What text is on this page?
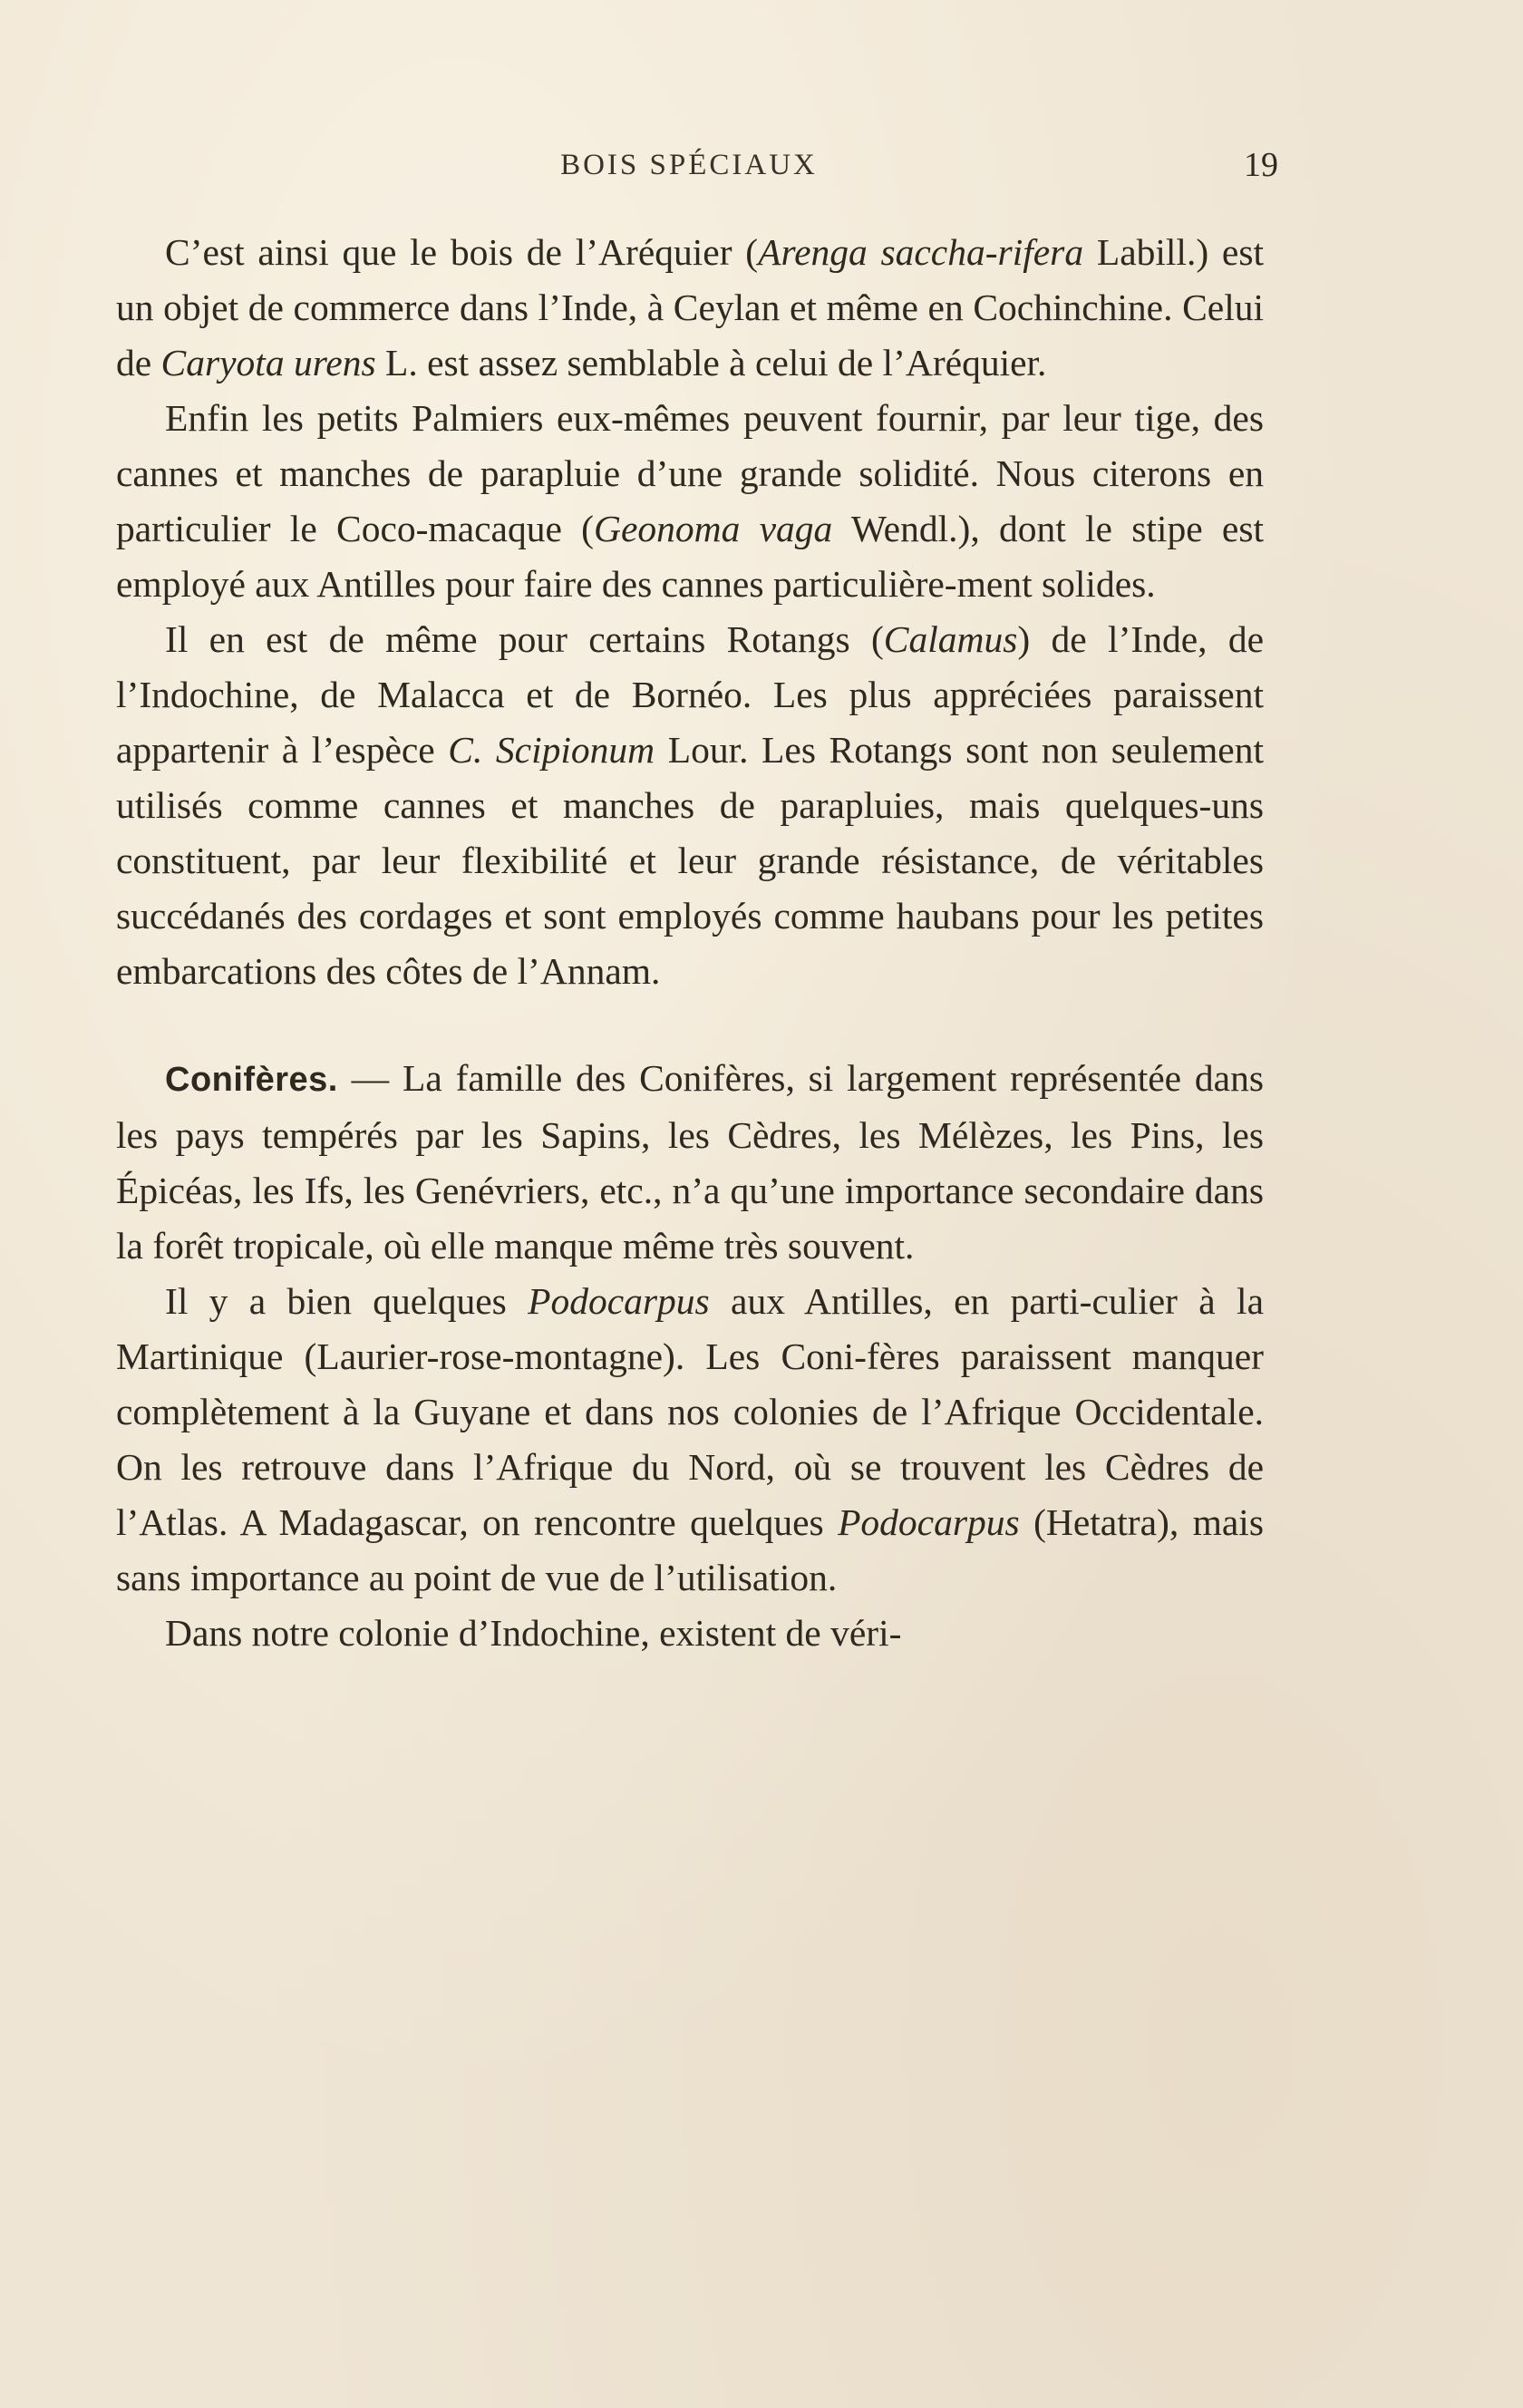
BOIS SPÉCIAUX	19

C’est ainsi que le bois de l’Aréquier (Arenga saccha-rifera Labill.) est un objet de commerce dans l’Inde, à Ceylan et même en Cochinchine. Celui de Caryota urens L. est assez semblable à celui de l’Aréquier.

Enfin les petits Palmiers eux-mêmes peuvent fournir, par leur tige, des cannes et manches de parapluie d’une grande solidité. Nous citerons en particulier le Coco-macaque (Geonoma vaga Wendl.), dont le stipe est employé aux Antilles pour faire des cannes particulière-ment solides.

Il en est de même pour certains Rotangs (Calamus) de l’Inde, de l’Indochine, de Malacca et de Bornéo. Les plus appréciées paraissent appartenir à l’espèce C. Scipionum Lour. Les Rotangs sont non seulement utilisés comme cannes et manches de parapluies, mais quelques-uns constituent, par leur flexibilité et leur grande résistance, de véritables succédanés des cordages et sont employés comme haubans pour les petites embarcations des côtes de l’Annam.

Conifères. — La famille des Conifères, si largement représentée dans les pays tempérés par les Sapins, les Cèdres, les Mélèzes, les Pins, les Épicéas, les Ifs, les Genévriers, etc., n’a qu’une importance secondaire dans la forêt tropicale, où elle manque même très souvent.

Il y a bien quelques Podocarpus aux Antilles, en parti-culier à la Martinique (Laurier-rose-montagne). Les Coni-fères paraissent manquer complètement à la Guyane et dans nos colonies de l’Afrique Occidentale. On les retrouve dans l’Afrique du Nord, où se trouvent les Cèdres de l’Atlas. A Madagascar, on rencontre quelques Podocarpus (Hetatra), mais sans importance au point de vue de l’utilisation.

Dans notre colonie d’Indochine, existent de véri-
